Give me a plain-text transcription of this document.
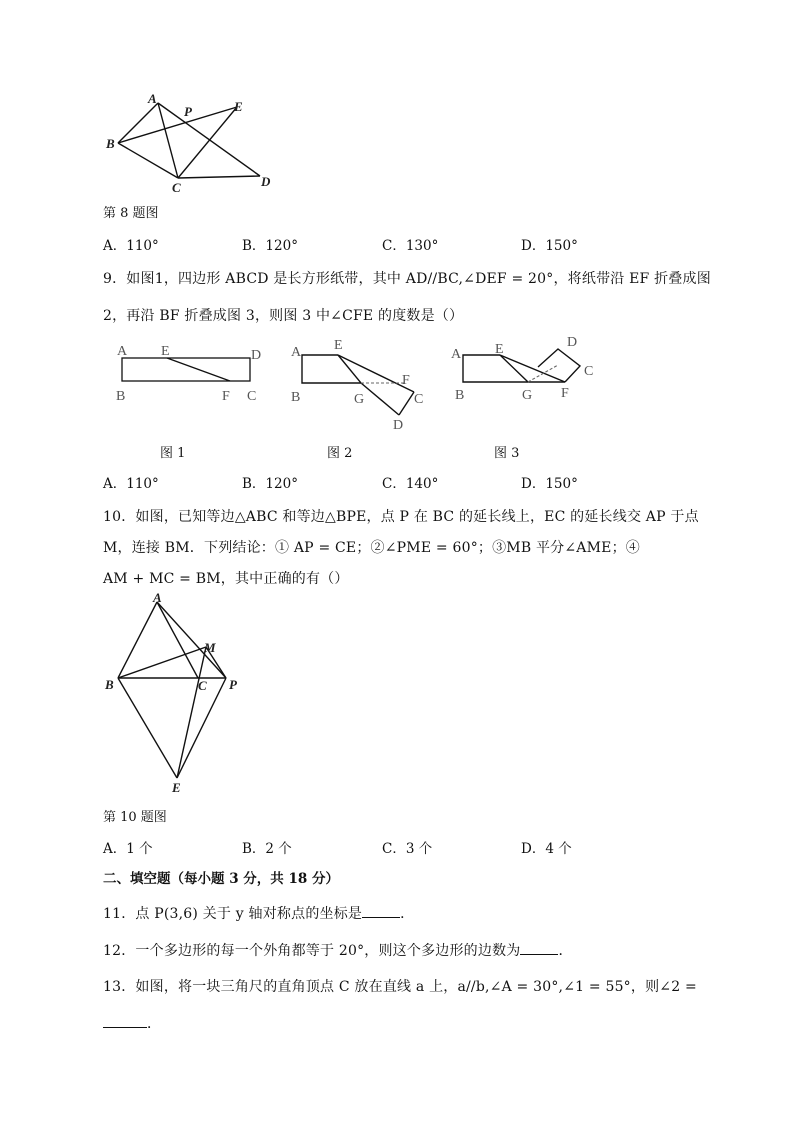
A
P	E
B
C	D
第 8 题图
A．110°	B．120°	C．130°	D．150°
9．如图1，四边形 ABCD 是长方形纸带，其中 AD//BC,∠DEF = 20°，将纸带沿 EF 折叠成图
2，再沿 BF 折叠成图 3，则图 3 中∠CFE 的度数是（）
A E	D
B	F C
图 1
A E
F
B	G	C
D
图 2
A E	D
C
B	G F
图 3
A．110°	B．120°	C．140°	D．150°
10．如图，已知等边△ABC 和等边△BPE，点 P 在 BC 的延长线上，EC 的延长线交 AP 于点
M，连接 BM．下列结论：① AP = CE；②∠PME = 60°；③MB 平分∠AME；④
AM + MC = BM，其中正确的有（）
A
M
B	C P
E
第 10 题图
A．1 个	B．2 个	C．3 个	D．4 个
二、填空题（每小题 3 分，共 18 分）
11．点 P(3,6) 关于 y 轴对称点的坐标是	．
12．一个多边形的每一个外角都等于 20°，则这个多边形的边数为	．
13．如图，将一块三角尺的直角顶点 C 放在直线 a 上，a//b,∠A = 30°,∠1 = 55°，则∠2 =
．
